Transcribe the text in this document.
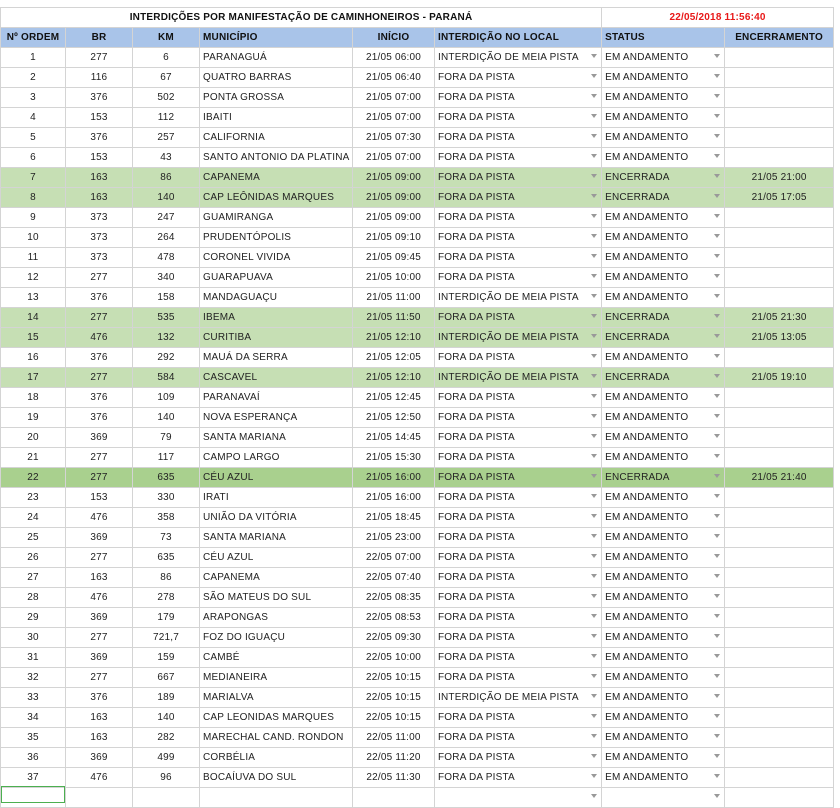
INTERDIÇÕES POR MANIFESTAÇÃO DE CAMINHONEIROS - PARANÁ						22/05/2018 11:56:40	
Nº ORDEM	BR	KM	MUNICÍPIO	INÍCIO	INTERDIÇÃO NO LOCAL	STATUS	ENCERRAMENTO
1	277	6	PARANAGUÁ	21/05 06:00	INTERDIÇÃO DE MEIA PISTA	EM ANDAMENTO

2	116	67	QUATRO BARRAS	21/05 06:40	FORA DA PISTA	EM ANDAMENTO

3	376	502	PONTA GROSSA	21/05 07:00	FORA DA PISTA	EM ANDAMENTO

4	153	112	IBAITI	21/05 07:00	FORA DA PISTA	EM ANDAMENTO

5	376	257	CALIFORNIA	21/05 07:30	FORA DA PISTA	EM ANDAMENTO

6	153	43	SANTO ANTONIO DA PLATINA	21/05 07:00	FORA DA PISTA	EM ANDAMENTO

7	163	86	CAPANEMA	21/05 09:00	FORA DA PISTA	ENCERRADA	21/05 21:00
8	163	140	CAP LEÔNIDAS MARQUES	21/05 09:00	FORA DA PISTA	ENCERRADA	21/05 17:05
9	373	247	GUAMIRANGA	21/05 09:00	FORA DA PISTA	EM ANDAMENTO

10	373	264	PRUDENTÓPOLIS	21/05 09:10	FORA DA PISTA	EM ANDAMENTO

11	373	478	CORONEL VIVIDA	21/05 09:45	FORA DA PISTA	EM ANDAMENTO

12	277	340	GUARAPUAVA	21/05 10:00	FORA DA PISTA	EM ANDAMENTO

13	376	158	MANDAGUAÇU	21/05 11:00	INTERDIÇÃO DE MEIA PISTA	EM ANDAMENTO

14	277	535	IBEMA	21/05 11:50	FORA DA PISTA	ENCERRADA	21/05 21:30
15	476	132	CURITIBA	21/05 12:10	INTERDIÇÃO DE MEIA PISTA	ENCERRADA	21/05 13:05
16	376	292	MAUÁ DA SERRA	21/05 12:05	FORA DA PISTA	EM ANDAMENTO

17	277	584	CASCAVEL	21/05 12:10	INTERDIÇÃO DE MEIA PISTA	ENCERRADA	21/05 19:10
18	376	109	PARANAVAÍ	21/05 12:45	FORA DA PISTA	EM ANDAMENTO

19	376	140	NOVA ESPERANÇA	21/05 12:50	FORA DA PISTA	EM ANDAMENTO

20	369	79	SANTA MARIANA	21/05 14:45	FORA DA PISTA	EM ANDAMENTO

21	277	117	CAMPO LARGO	21/05 15:30	FORA DA PISTA	EM ANDAMENTO

22	277	635	CÉU AZUL	21/05 16:00	FORA DA PISTA	ENCERRADA	21/05 21:40
23	153	330	IRATI	21/05 16:00	FORA DA PISTA	EM ANDAMENTO

24	476	358	UNIÃO DA VITÓRIA	21/05 18:45	FORA DA PISTA	EM ANDAMENTO

25	369	73	SANTA MARIANA	21/05 23:00	FORA DA PISTA	EM ANDAMENTO

26	277	635	CÉU AZUL	22/05 07:00	FORA DA PISTA	EM ANDAMENTO

27	163	86	CAPANEMA	22/05 07:40	FORA DA PISTA	EM ANDAMENTO

28	476	278	SÃO MATEUS DO SUL	22/05 08:35	FORA DA PISTA	EM ANDAMENTO

29	369	179	ARAPONGAS	22/05 08:53	FORA DA PISTA	EM ANDAMENTO

30	277	721,7	FOZ DO IGUAÇU	22/05 09:30	FORA DA PISTA	EM ANDAMENTO

31	369	159	CAMBÉ	22/05 10:00	FORA DA PISTA	EM ANDAMENTO

32	277	667	MEDIANEIRA	22/05 10:15	FORA DA PISTA	EM ANDAMENTO

33	376	189	MARIALVA	22/05 10:15	INTERDIÇÃO DE MEIA PISTA	EM ANDAMENTO

34	163	140	CAP LEONIDAS MARQUES	22/05 10:15	FORA DA PISTA	EM ANDAMENTO

35	163	282	MARECHAL CAND. RONDON	22/05 11:00	FORA DA PISTA	EM ANDAMENTO

36	369	499	CORBÉLIA	22/05 11:20	FORA DA PISTA	EM ANDAMENTO

37	476	96	BOCAÍUVA DO SUL	22/05 11:30	FORA DA PISTA	EM ANDAMENTO
